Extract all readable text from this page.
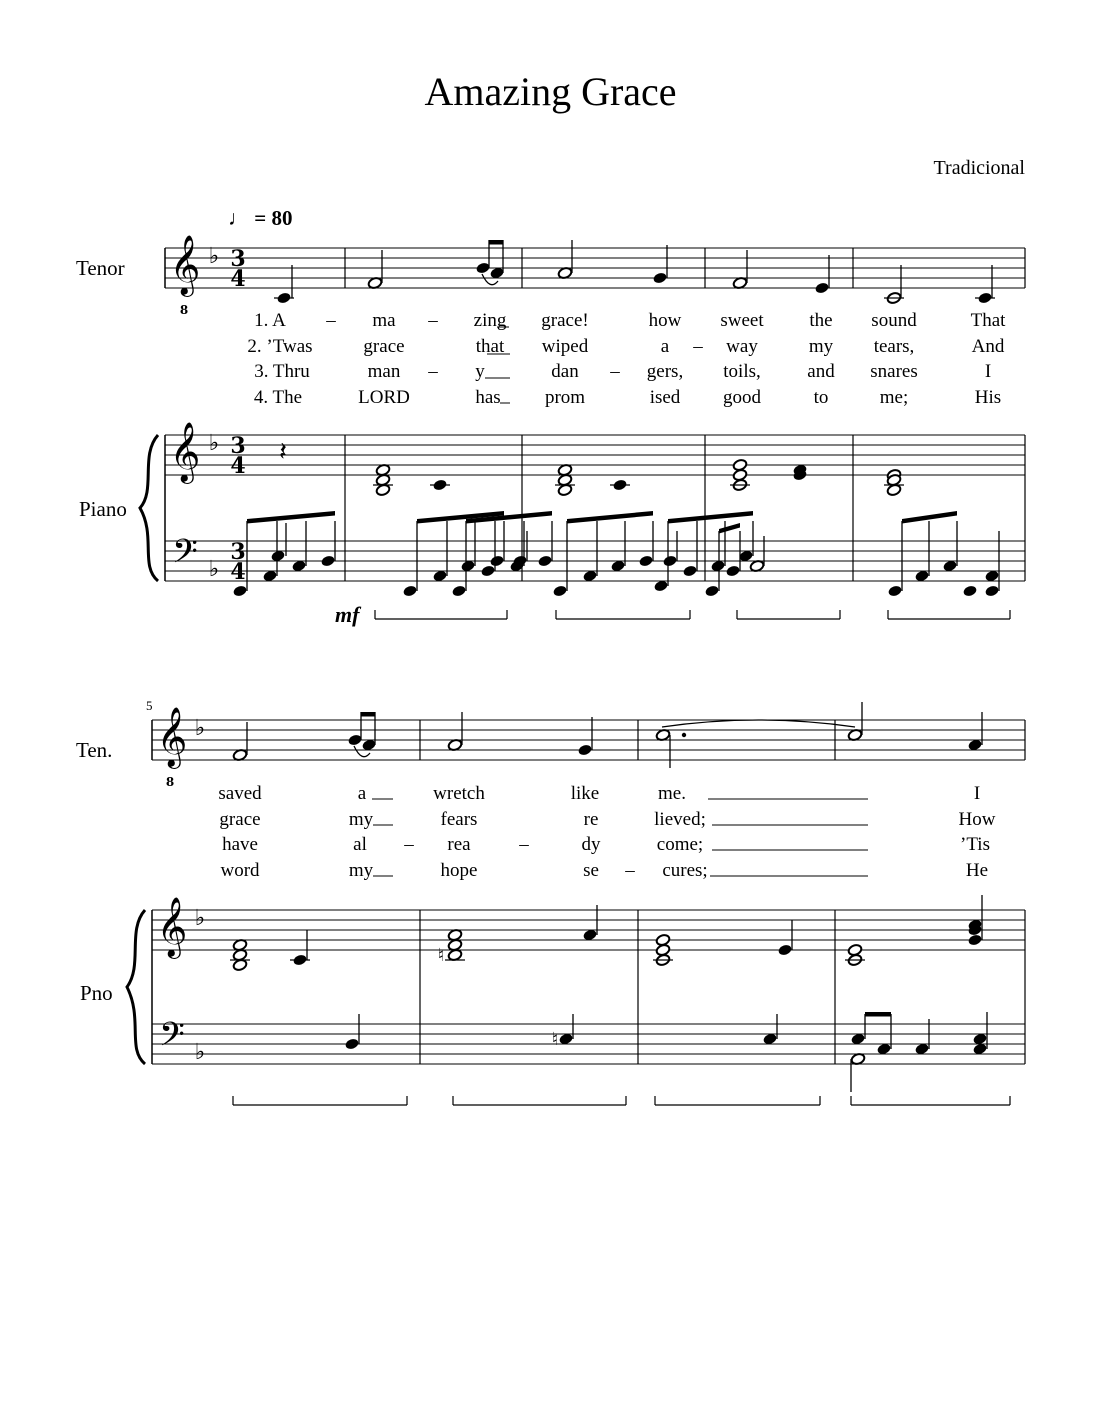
Amazing Grace
Tradicional
♩ = 80
Tenor
Piano
mf
5
Ten.
Pno
1. A – ma – zing grace!	how sweet the sound	That
2. ’Twas	grace	that wiped	a – way	my tears,	And
3. Thru	man – y	dan – gers, toils, and snares	I
4. The	LORD	has prom	ised good	to	me;	His
saved	a	wretch	like	me.	I
grace	my	fears	re	lieved;	How
have	al – rea	–	dy	come;	’Tis
word	my	hope	se – cures;	He
𝄞
8
♭ 3
4
𝄞 ♭ 3
4
𝄢 ♭
3
4
𝄽
𝄞
8
♭
𝄞 ♭
𝄢 ♭
♮
♮
